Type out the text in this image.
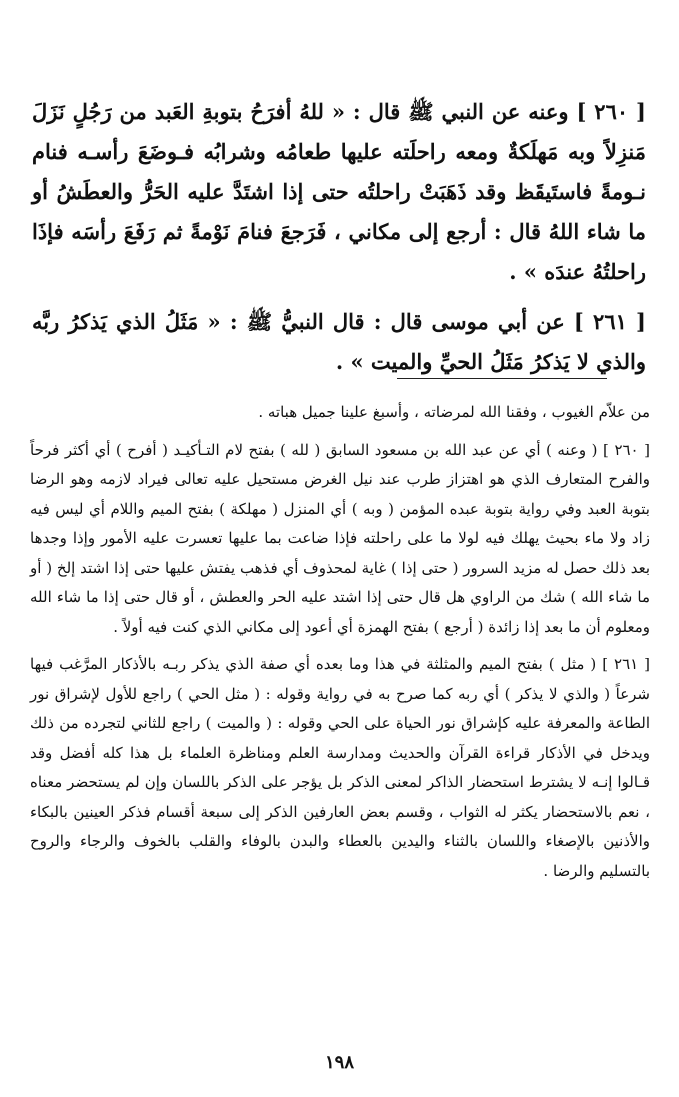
[ ٢٦٠ ] وعنه عن النبي ﷺ قال : « للهُ أفرَحُ بتوبةِ العَبد من رَجُلٍ نَزَلَ مَنزِلاً وبه مَهلَكةٌ ومعه راحلَته عليها طعامُه وشرابُه فـوضَعَ رأسـه فنام نـومةً فاستَيقَظ وقد ذَهَبَتْ راحلتُه حتى إذا اشتَدَّ عليه الحَرُّ والعطَشُ أو ما شاء اللهُ قال : أرجع إلى مكاني ، فَرَجعَ فنامَ نَوْمةً ثم رَفَعَ رأسَه فإذَا راحلتُهُ عندَه » .

[ ٢٦١ ] عن أبي موسى قال : قال النبيُّ ﷺ : « مَثَلُ الذي يَذكرُ ربَّه والذي لا يَذكرُ مَثَلُ الحيِّ والميت » .

من علاّم الغيوب ، وفقنا الله لمرضاته ، وأسبغ علينا جميل هباته .

[ ٢٦٠ ] ( وعنه ) أي عن عبد الله بن مسعود السابق ( لله ) بفتح لام التـأكيـد ( أفرح ) أي أكثر فرحاً والفرح المتعارف الذي هو اهتزاز طرب عند نيل الغرض مستحيل عليه تعالى فيراد لازمه وهو الرضا بتوبة العبد وفي رواية بتوبة عبده المؤمن ( وبه ) أي المنزل ( مهلكة ) بفتح الميم واللام أي ليس فيه زاد ولا ماء بحيث يهلك فيه لولا ما على راحلته فإذا ضاعت بما عليها تعسرت عليه الأمور وإذا وجدها بعد ذلك حصل له مزيد السرور ( حتى إذا ) غاية لمحذوف أي فذهب يفتش عليها حتى إذا اشتد إلخ ( أو ما شاء الله ) شك من الراوي هل قال حتى إذا اشتد عليه الحر والعطش ، أو قال حتى إذا ما شاء الله ومعلوم أن ما بعد إذا زائدة ( أرجع ) بفتح الهمزة أي أعود إلى مكاني الذي كنت فيه أولاً .

[ ٢٦١ ] ( مثل ) بفتح الميم والمثلثة في هذا وما بعده أي صفة الذي يذكر ربـه بالأذكار المرَّغب فيها شرعاً ( والذي لا يذكر ) أي ربه كما صرح به في رواية وقوله : ( مثل الحي ) راجع للأول لإشراق نور الطاعة والمعرفة عليه كإشراق نور الحياة على الحي وقوله : ( والميت ) راجع للثاني لتجرده من ذلك ويدخل في الأذكار قراءة القرآن والحديث ومدارسة العلم ومناظرة العلماء بل هذا كله أفضل وقد قـالوا إنـه لا يشترط استحضار الذاكر لمعنى الذكر بل يؤجر على الذكر باللسان وإن لم يستحضر معناه ، نعم بالاستحضار يكثر له الثواب ، وقسم بعض العارفين الذكر إلى سبعة أقسام فذكر العينين بالبكاء والأذنين بالإصغاء واللسان بالثناء واليدين بالعطاء والبدن بالوفاء والقلب بالخوف والرجاء والروح بالتسليم والرضا .

١٩٨
